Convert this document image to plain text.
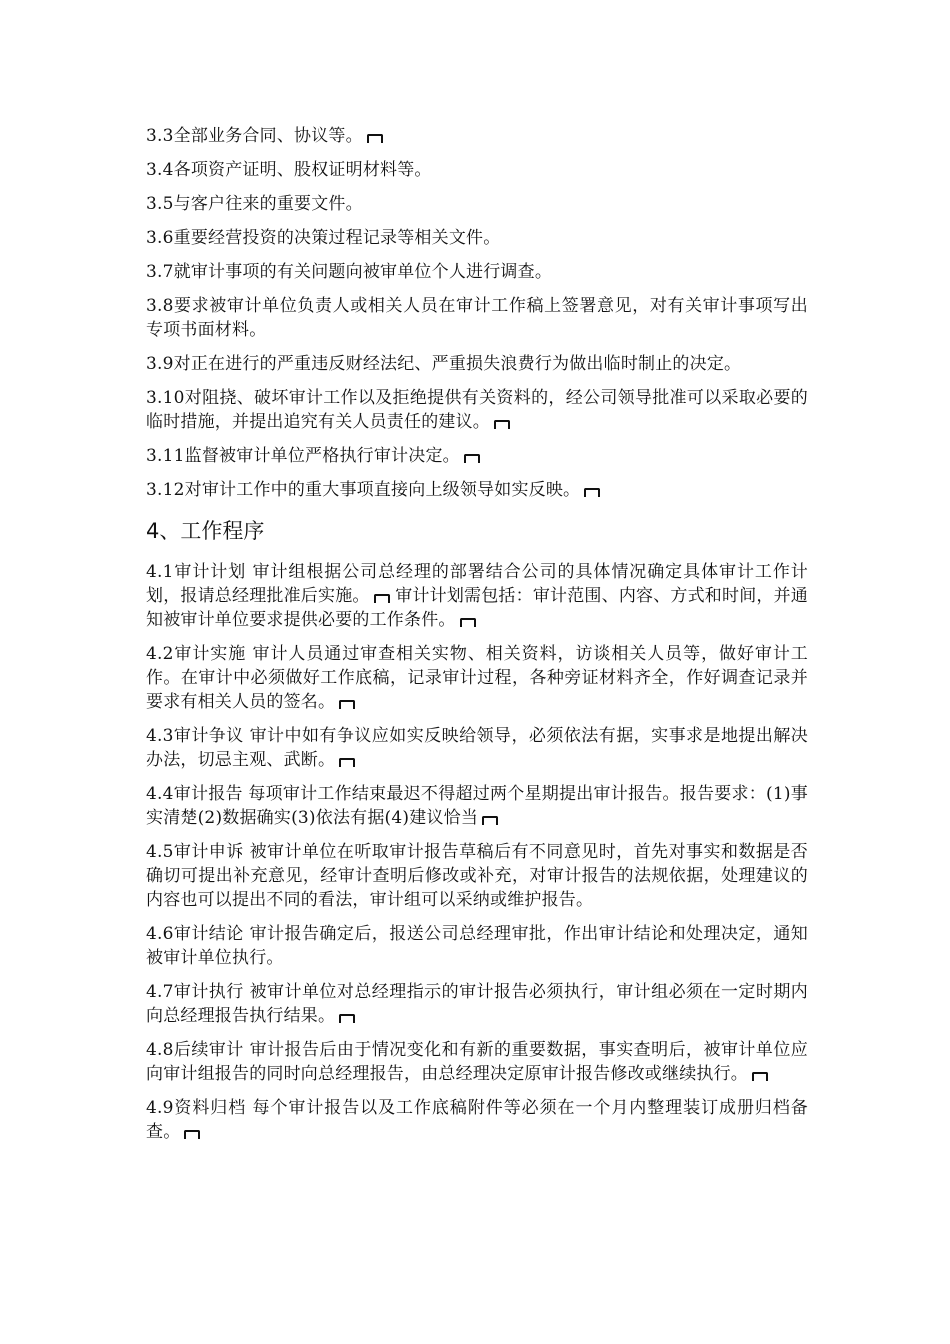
3.3全部业务合同、协议等。
3.4各项资产证明、股权证明材料等。
3.5与客户往来的重要文件。
3.6重要经营投资的决策过程记录等相关文件。
3.7就审计事项的有关问题向被审单位个人进行调查。
3.8要求被审计单位负责人或相关人员在审计工作稿上签署意见，对有关审计事项写出专项书面材料。
3.9对正在进行的严重违反财经法纪、严重损失浪费行为做出临时制止的决定。
3.10对阻挠、破坏审计工作以及拒绝提供有关资料的，经公司领导批准可以采取必要的临时措施，并提出追究有关人员责任的建议。
3.11监督被审计单位严格执行审计决定。
3.12对审计工作中的重大事项直接向上级领导如实反映。
4、工作程序
4.1审计计划 审计组根据公司总经理的部署结合公司的具体情况确定具体审计工作计划，报请总经理批准后实施。 审计计划需包括：审计范围、内容、方式和时间，并通知被审计单位要求提供必要的工作条件。
4.2审计实施 审计人员通过审查相关实物、相关资料，访谈相关人员等，做好审计工作。在审计中必须做好工作底稿，记录审计过程，各种旁证材料齐全，作好调查记录并要求有相关人员的签名。
4.3审计争议 审计中如有争议应如实反映给领导，必须依法有据，实事求是地提出解决办法，切忌主观、武断。
4.4审计报告 每项审计工作结束最迟不得超过两个星期提出审计报告。报告要求：(1)事实清楚(2)数据确实(3)依法有据(4)建议恰当
4.5审计申诉 被审计单位在听取审计报告草稿后有不同意见时，首先对事实和数据是否确切可提出补充意见，经审计查明后修改或补充，对审计报告的法规依据，处理建议的内容也可以提出不同的看法，审计组可以采纳或维护报告。
4.6审计结论 审计报告确定后，报送公司总经理审批，作出审计结论和处理决定，通知被审计单位执行。
4.7审计执行 被审计单位对总经理指示的审计报告必须执行，审计组必须在一定时期内向总经理报告执行结果。
4.8后续审计 审计报告后由于情况变化和有新的重要数据，事实查明后，被审计单位应向审计组报告的同时向总经理报告，由总经理决定原审计报告修改或继续执行。
4.9资料归档 每个审计报告以及工作底稿附件等必须在一个月内整理装订成册归档备查。
